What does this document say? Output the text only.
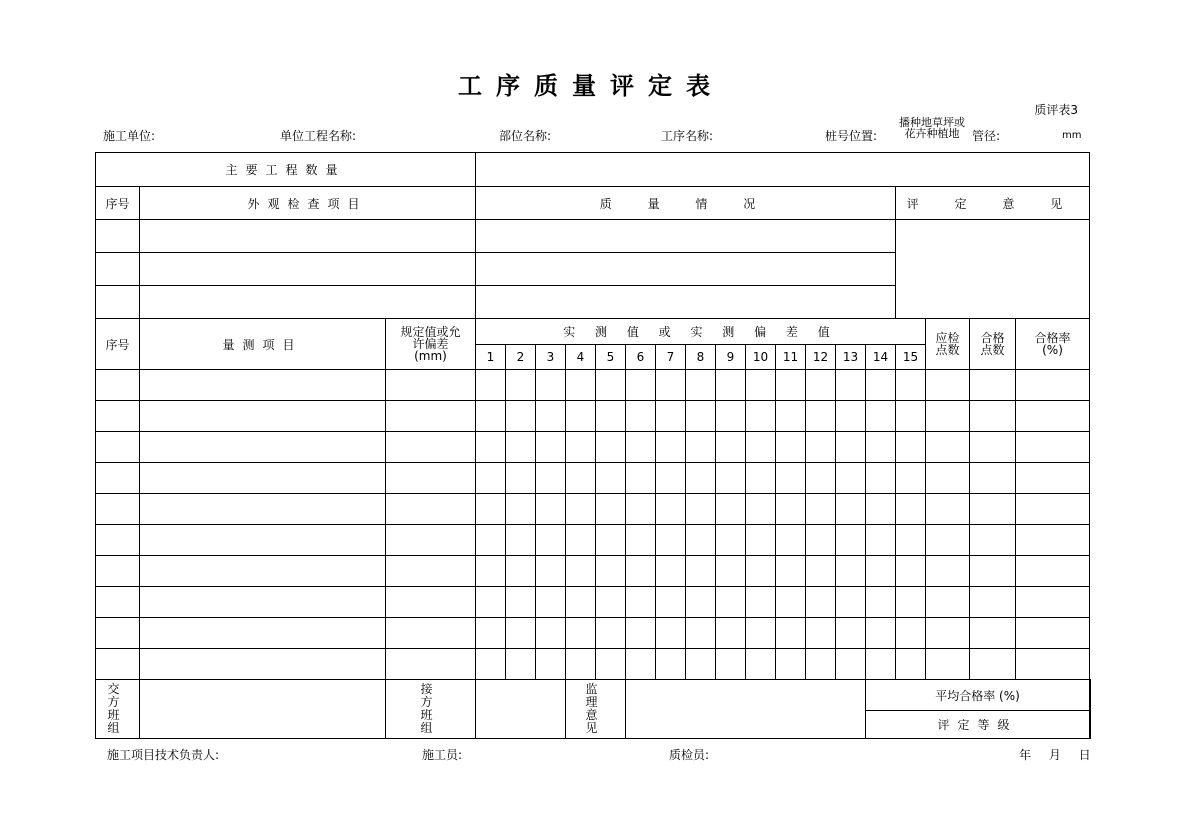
工序质量评定表
质评表3
施工单位:	单位工程名称:	部位名称:	工序名称:	桩号位置:
播种地草坪或花卉种植地	管径:	mm
主要工程数量																					
序号	外观检查项目		质 量 情 况														评 定 意 见				

序号	量测项目	规定值或允许偏差(mm)	实 测 值 或 实 测 偏 差 值															应检点数	合格点数	合格率(%)	

			1	2	3	4	5	6	7	8	9	10	11	12	13	14	15				

交方班组		接方班组				监理意见										平均合格率 (%)					
																评定等级					
施工项目技术负责人:	施工员:	质检员:	年 月 日
